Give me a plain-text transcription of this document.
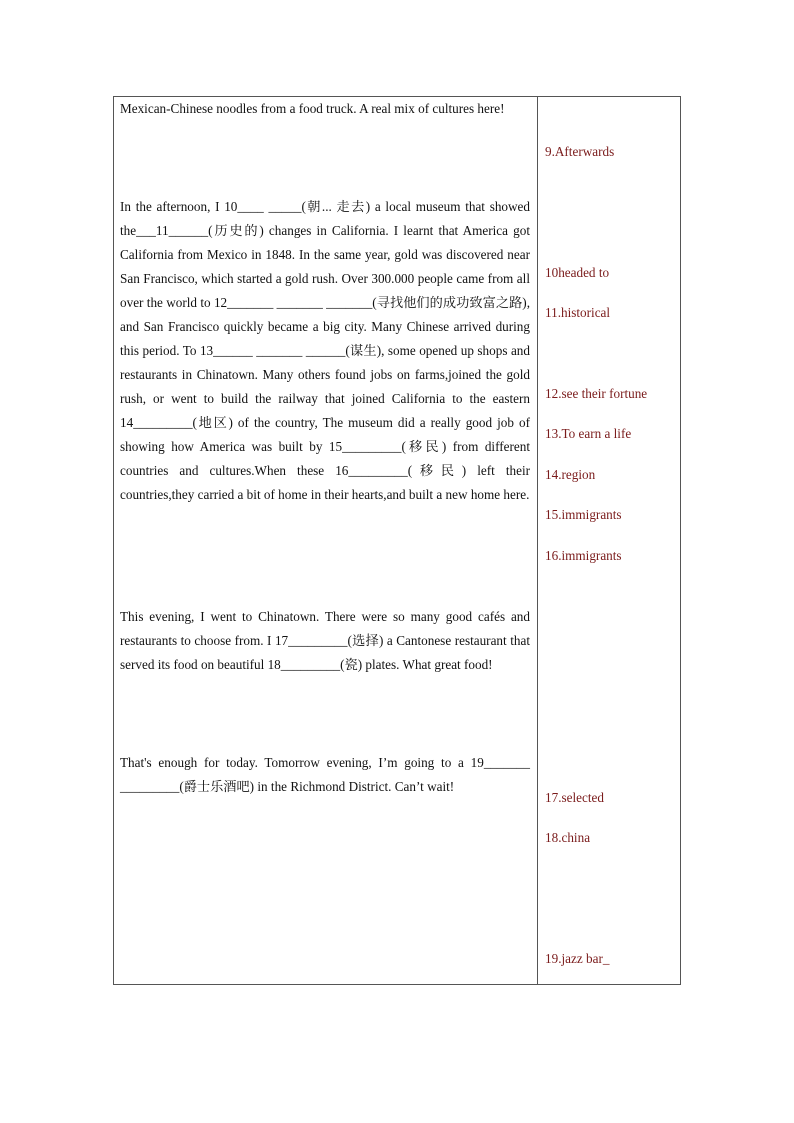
Mexican-Chinese noodles from a food truck. A real mix of cultures here!
In the afternoon, I 10____ _____(朝... 走去) a local museum that showed the___11______(历史的) changes in California. I learnt that America got California from Mexico in 1848. In the same year, gold was discovered near San Francisco, which started a gold rush. Over 300.000 people came from all over the world to 12_______ _______ _______(寻找他们的成功致富之路), and San Francisco quickly became a big city. Many Chinese arrived during this period. To 13______ _______ ______(谋生), some opened up shops and restaurants in Chinatown. Many others found jobs on farms,joined the gold rush, or went to build the railway that joined California to the eastern 14_________(地区) of the country, The museum did a really good job of showing how America was built by 15_________(移民) from different countries and cultures.When these 16_________(移民) left their countries,they carried a bit of home in their hearts,and built a new home here.
This evening, I went to Chinatown. There were so many good cafés and restaurants to choose from. I 17_________(选择) a Cantonese restaurant that served its food on beautiful 18_________(瓷) plates. What great food!
That's enough for today. Tomorrow evening, I’m going to a 19_______ _________(爵士乐酒吧) in the Richmond District. Can’t wait!
9.Afterwards
10headed to
11.historical
12.see their fortune
13.To earn a life
14.region
15.immigrants
16.immigrants
17.selected
18.china
19.jazz bar_
